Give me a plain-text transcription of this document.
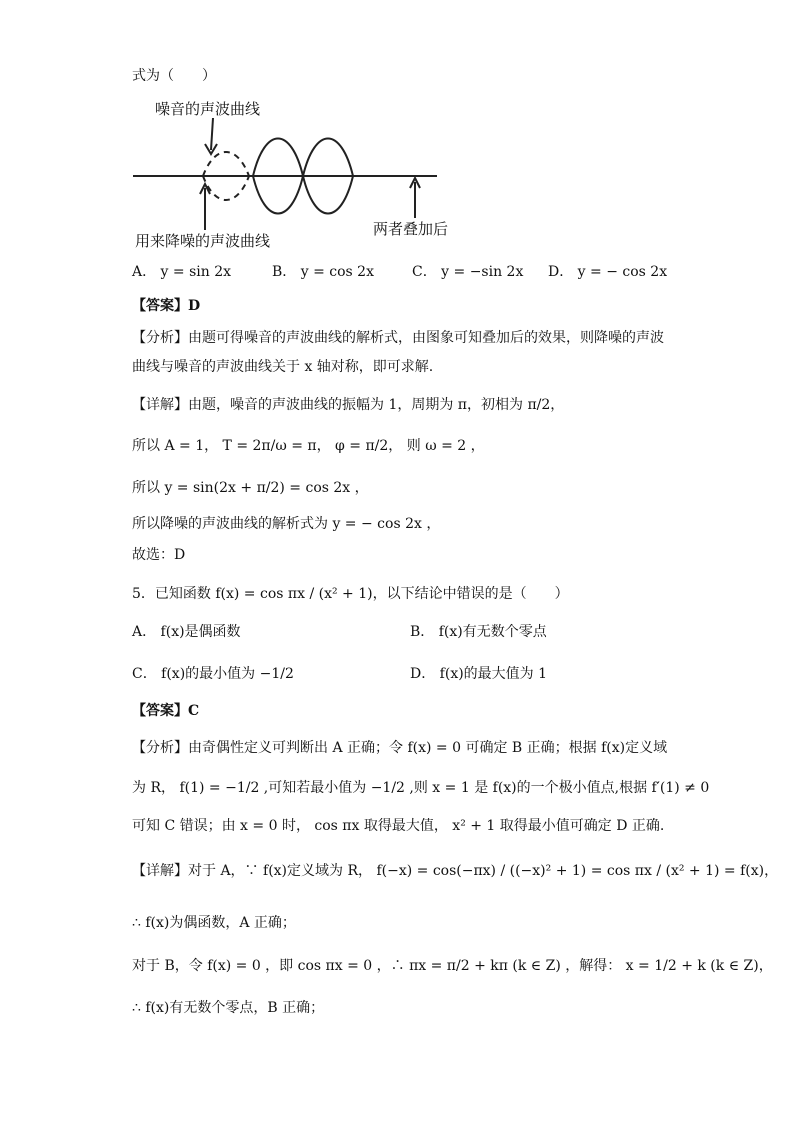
式为（　　）
噪音的声波曲线
用来降噪的声波曲线
两者叠加后
A． y = sin 2x	B． y = cos 2x	C． y = −sin 2x D． y = − cos 2x
【答案】D
【分析】由题可得噪音的声波曲线的解析式，由图象可知叠加后的效果，则降噪的声波
曲线与噪音的声波曲线关于 x 轴对称，即可求解.
【详解】由题，噪音的声波曲线的振幅为 1，周期为 π，初相为 π/2，
所以 A = 1， T = 2π/ω = π， φ = π/2， 则 ω = 2 ，
所以 y = sin(2x + π/2) = cos 2x ，
所以降噪的声波曲线的解析式为 y = − cos 2x ，
故选：D
5．已知函数 f(x) = cos πx / (x² + 1)，以下结论中错误的是（　　）
A． f(x)是偶函数	B． f(x)有无数个零点
C． f(x)的最小值为 −1/2	D． f(x)的最大值为 1
【答案】C
【分析】由奇偶性定义可判断出 A 正确；令 f(x) = 0 可确定 B 正确；根据 f(x)定义域
为 R， f(1) = −1/2 ,可知若最小值为 −1/2 ,则 x = 1 是 f(x)的一个极小值点,根据 f′(1) ≠ 0
可知 C 错误；由 x = 0 时， cos πx 取得最大值， x² + 1 取得最小值可确定 D 正确.
【详解】对于 A，∵ f(x)定义域为 R， f(−x) = cos(−πx) / ((−x)² + 1) = cos πx / (x² + 1) = f(x)，
∴ f(x)为偶函数，A 正确；
对于 B，令 f(x) = 0 ，即 cos πx = 0 ，∴ πx = π/2 + kπ (k ∈ Z) ，解得： x = 1/2 + k (k ∈ Z)，
∴ f(x)有无数个零点，B 正确；
